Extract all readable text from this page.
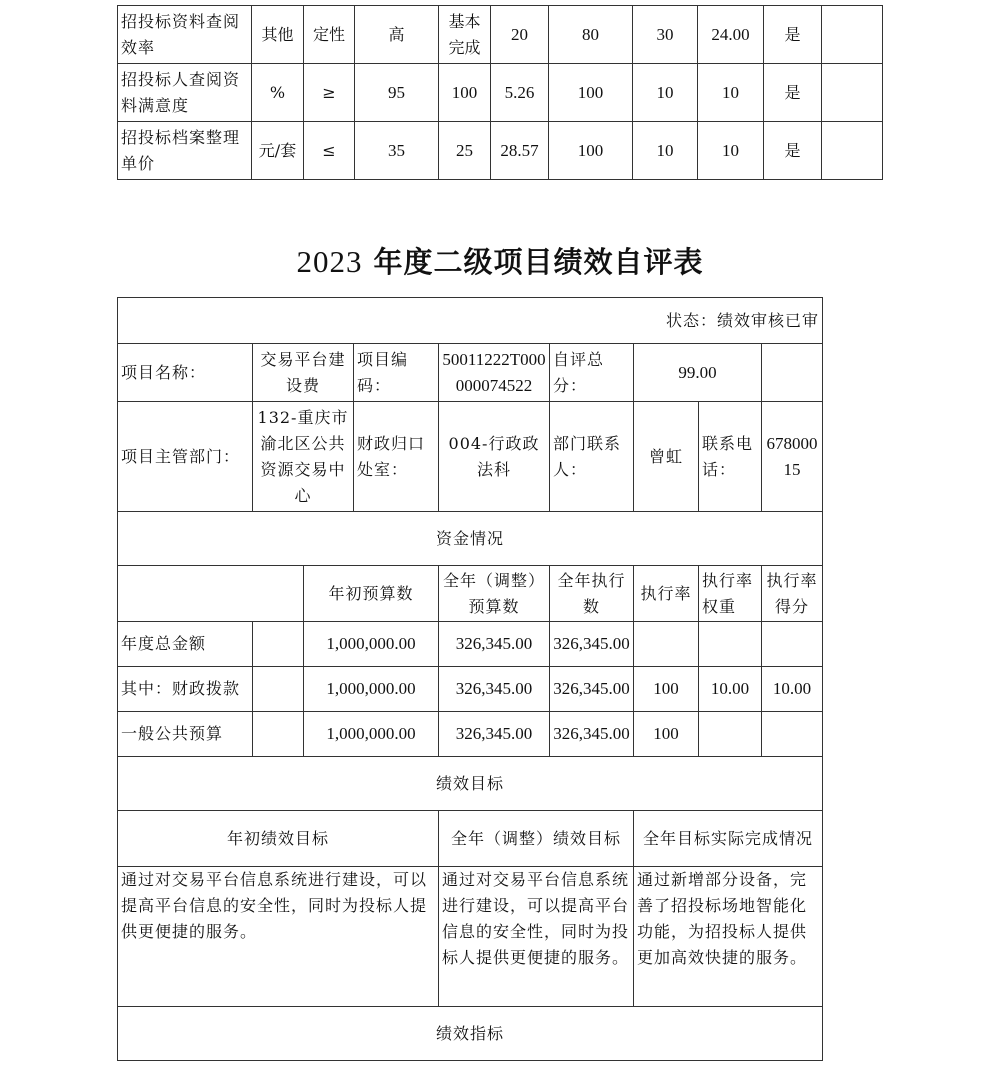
招投标资料查阅效率	其他	定性	高	基本完成	20	80	30	24.00	是	
招投标人查阅资料满意度	%	≥	95	100	5.26	100	10	10	是	
招投标档案整理单价	元/套	≤	35	25	28.57	100	10	10	是	
2023 年度二级项目绩效自评表
状态：绩效审核已审								
项目名称：	交易平台建设费		项目编码：	50011222T000000074522	自评总分：	99.00		
项目主管部门：	132-重庆市渝北区公共资源交易中心		财政归口处室：	004-行政政法科	部门联系人：	曾虹	联系电话：	67800015
资金情况								
		年初预算数		全年（调整）预算数	全年执行数	执行率	执行率权重	执行率得分
年度总金额		1,000,000.00		326,345.00	326,345.00			
其中：财政拨款		1,000,000.00		326,345.00	326,345.00	100	10.00	10.00
一般公共预算		1,000,000.00		326,345.00	326,345.00	100		
绩效目标								
年初绩效目标				全年（调整）绩效目标		全年目标实际完成情况		
通过对交易平台信息系统进行建设，可以提高平台信息的安全性，同时为投标人提供更便捷的服务。				通过对交易平台信息系统进行建设，可以提高平台信息的安全性，同时为投标人提供更便捷的服务。		通过新增部分设备，完善了招投标场地智能化功能，为招投标人提供更加高效快捷的服务。		
绩效指标								
